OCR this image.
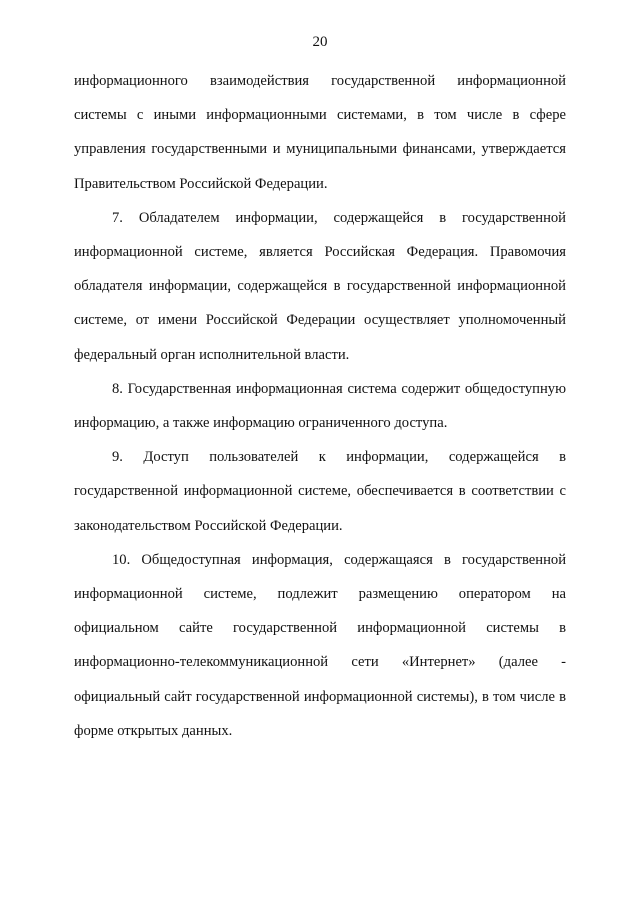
20

информационного взаимодействия государственной информационной системы с иными информационными системами, в том числе в сфере управления государственными и муниципальными финансами, утверждается Правительством Российской Федерации.

7. Обладателем информации, содержащейся в государственной информационной системе, является Российская Федерация. Правомочия обладателя информации, содержащейся в государственной информационной системе, от имени Российской Федерации осуществляет уполномоченный федеральный орган исполнительной власти.

8. Государственная информационная система содержит общедоступную информацию, а также информацию ограниченного доступа.

9. Доступ пользователей к информации, содержащейся в государственной информационной системе, обеспечивается в соответствии с законодательством Российской Федерации.

10. Общедоступная информация, содержащаяся в государственной информационной системе, подлежит размещению оператором на официальном сайте государственной информационной системы в информационно-телекоммуникационной сети «Интернет» (далее - официальный сайт государственной информационной системы), в том числе в форме открытых данных.
